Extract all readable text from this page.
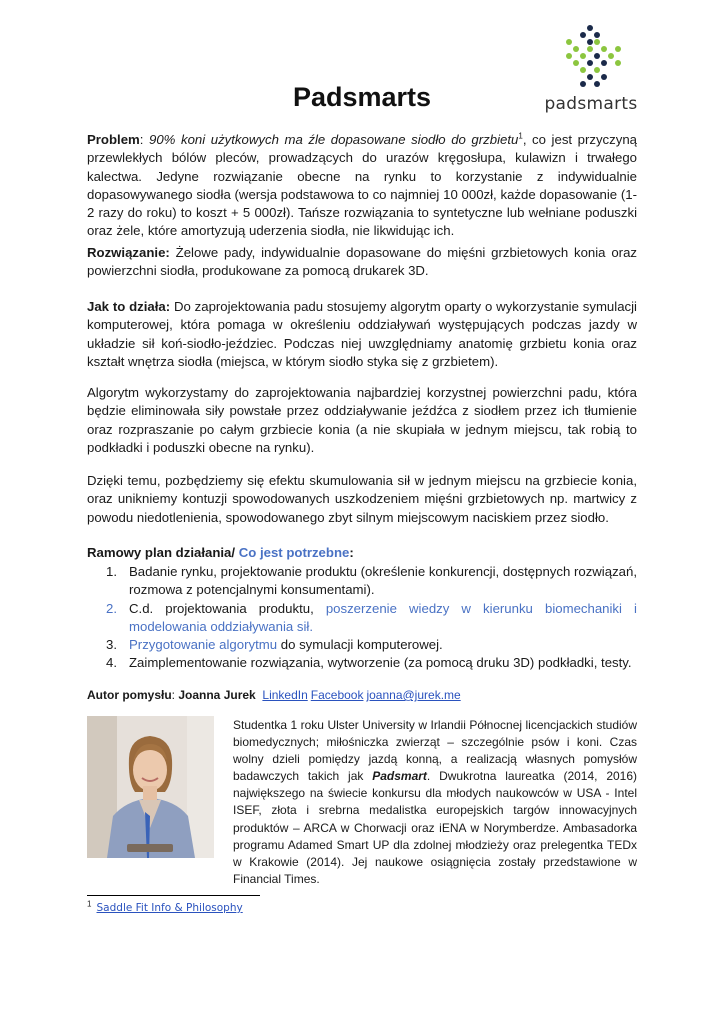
padsmarts
Padsmarts

Problem: 90% koni użytkowych ma źle dopasowane siodło do grzbietu$^1$, co jest przyczyną przewlekłych bólów pleców, prowadzących do urazów kręgosłupa, kulawizn i trwałego kalectwa. Jedyne rozwiązanie obecne na rynku to korzystanie z indywidualnie dopasowywanego siodła (wersja podstawowa to co najmniej 10 000zł, każde dopasowanie (1-2 razy do roku) to koszt + 5 000zł). Tańsze rozwiązania to syntetyczne lub wełniane poduszki oraz żele, które amortyzują uderzenia siodła, nie likwidując ich.

Rozwiązanie: Żelowe pady, indywidualnie dopasowane do mięśni grzbietowych konia oraz powierzchni siodła, produkowane za pomocą drukarek 3D.

Jak to działa: Do zaprojektowania padu stosujemy algorytm oparty o wykorzystanie symulacji komputerowej, która pomaga w określeniu oddziaływań występujących podczas jazdy w układzie sił koń-siodło-jeździec. Podczas niej uwzględniamy anatomię grzbietu konia oraz kształt wnętrza siodła (miejsca, w którym siodło styka się z grzbietem).

Algorytm wykorzystamy do zaprojektowania najbardziej korzystnej powierzchni padu, która będzie eliminowała siły powstałe przez oddziaływanie jeźdźca z siodłem przez ich tłumienie oraz rozpraszanie po całym grzbiecie konia (a nie skupiała w jednym miejscu, tak robią to podkładki i poduszki obecne na rynku).

Dzięki temu, pozbędziemy się efektu skumulowania sił w jednym miejscu na grzbiecie konia, oraz unikniemy kontuzji spowodowanych uszkodzeniem mięśni grzbietowych np. martwicy z powodu niedotlenienia, spowodowanego zbyt silnym miejscowym naciskiem przez siodło.

Ramowy plan działania/ Co jest potrzebne:
1. Badanie rynku, projektowanie produktu (określenie konkurencji, dostępnych rozwiązań, rozmowa z potencjalnymi konsumentami).
2. C.d. projektowania produktu, poszerzenie wiedzy w kierunku biomechaniki i modelowania oddziaływania sił.
3. Przygotowanie algorytmu do symulacji komputerowej.
4. Zaimplementowanie rozwiązania, wytworzenie (za pomocą druku 3D) podkładki, testy.
Autor pomysłu: Joanna Jurek LinkedIn Facebook joanna@jurek.me

Studentka 1 roku Ulster University w Irlandii Północnej licencjackich studiów biomedycznych; miłośniczka zwierząt – szczególnie psów i koni. Czas wolny dzieli pomiędzy jazdą konną, a realizacją własnych pomysłów badawczych takich jak Padsmart. Dwukrotna laureatka (2014, 2016) największego na świecie konkursu dla młodych naukowców w USA - Intel ISEF, złota i srebrna medalistka europejskich targów innowacyjnych produktów – ARCA w Chorwacji oraz iENA w Norymberdze. Ambasadorka programu Adamed Smart UP dla zdolnej młodzieży oraz prelegentka TEDx w Krakowie (2014). Jej naukowe osiągnięcia zostały przedstawione w Financial Times.

$^1$ Saddle Fit Info & Philosophy
